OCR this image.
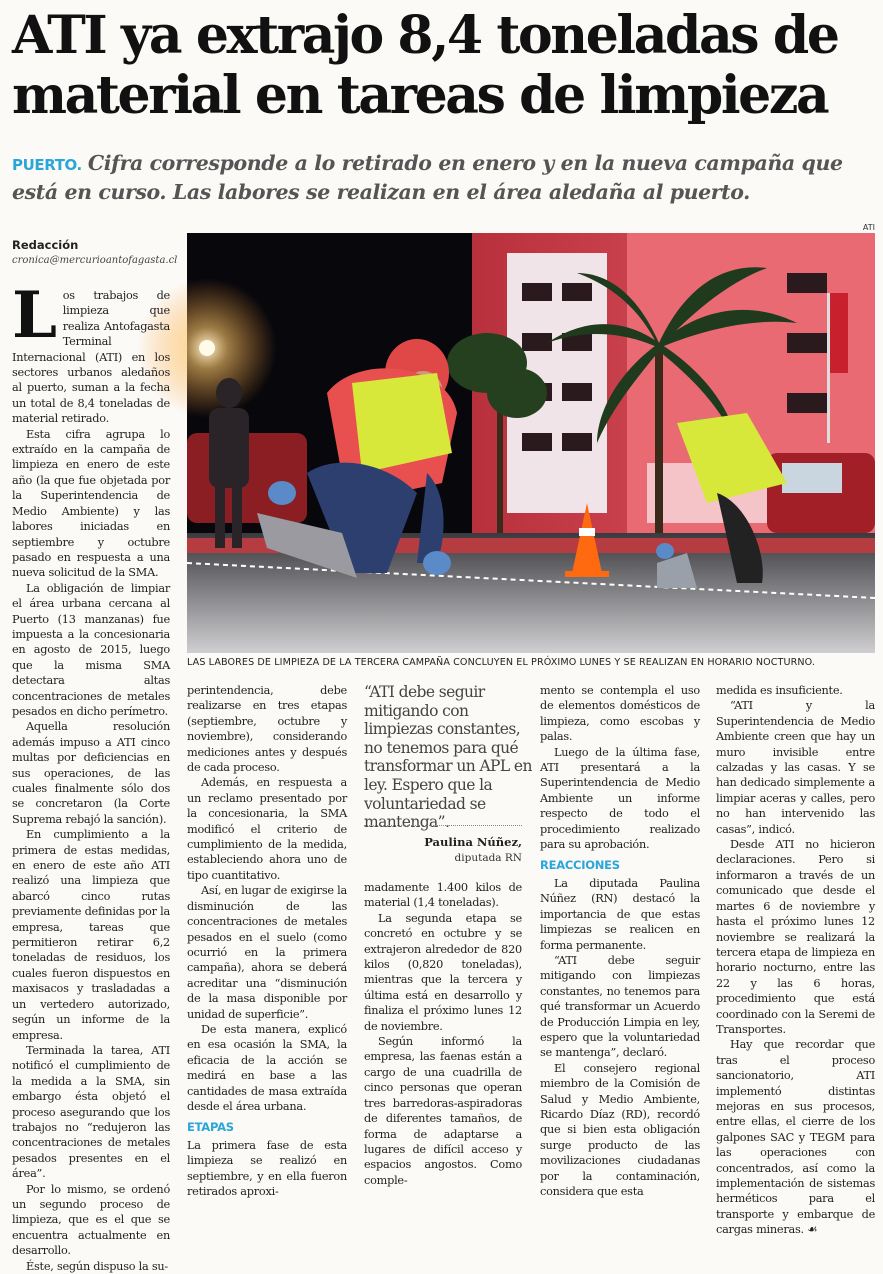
ATI ya extrajo 8,4 toneladas de material en tareas de limpieza
PUERTO. Cifra corresponde a lo retirado en enero y en la nueva campaña que está en curso. Las labores se realizan en el área aledaña al puerto.
Redacción
cronica@mercurioantofagasta.cl
ATI
LAS LABORES DE LIMPIEZA DE LA TERCERA CAMPAÑA CONCLUYEN EL PRÓXIMO LUNES Y SE REALIZAN EN HORARIO NOCTURNO.
L os trabajos de limpieza que realiza Antofagasta Terminal Internacional (ATI) en los sectores urbanos aledaños al puerto, suman a la fecha un total de 8,4 toneladas de material retirado.

Esta cifra agrupa lo extraído en la campaña de limpieza en enero de este año (la que fue objetada por la Superintendencia de Medio Ambiente) y las labores iniciadas en septiembre y octubre pasado en respuesta a una nueva solicitud de la SMA.

La obligación de limpiar el área urbana cercana al Puerto (13 manzanas) fue impuesta a la concesionaria en agosto de 2015, luego que la misma SMA detectara altas concentraciones de metales pesados en dicho perímetro.

Aquella resolución además impuso a ATI cinco multas por deficiencias en sus operaciones, de las cuales finalmente sólo dos se concretaron (la Corte Suprema rebajó la sanción).

En cumplimiento a la primera de estas medidas, en enero de este año ATI realizó una limpieza que abarcó cinco rutas previamente definidas por la empresa, tareas que permitieron retirar 6,2 toneladas de residuos, los cuales fueron dispuestos en maxisacos y trasladadas a un vertedero autorizado, según un informe de la empresa.

Terminada la tarea, ATI notificó el cumplimiento de la medida a la SMA, sin embargo ésta objetó el proceso asegurando que los trabajos no “redujeron las concentraciones de metales pesados presentes en el área”.

Por lo mismo, se ordenó un segundo proceso de limpieza, que es el que se encuentra actualmente en desarrollo.

Éste, según dispuso la su-

perintendencia, debe realizarse en tres etapas (septiembre, octubre y noviembre), considerando mediciones antes y después de cada proceso.

Además, en respuesta a un reclamo presentado por la concesionaria, la SMA modificó el criterio de cumplimiento de la medida, estableciendo ahora uno de tipo cuantitativo.

Así, en lugar de exigirse la disminución de las concentraciones de metales pesados en el suelo (como ocurrió en la primera campaña), ahora se deberá acreditar una “disminución de la masa disponible por unidad de superficie”.

De esta manera, explicó en esa ocasión la SMA, la eficacia de la acción se medirá en base a las cantidades de masa extraída desde el área urbana.

ETAPAS

La primera fase de esta limpieza se realizó en septiembre, y en ella fueron retirados aproxi-

“ATI debe seguir mitigando con limpiezas constantes, no tenemos para qué transformar un APL en ley. Espero que la voluntariedad se mantenga”.
Paulina Núñez,
diputada RN

madamente 1.400 kilos de material (1,4 toneladas).

La segunda etapa se concretó en octubre y se extrajeron alrededor de 820 kilos (0,820 toneladas), mientras que la tercera y última está en desarrollo y finaliza el próximo lunes 12 de noviembre.

Según informó la empresa, las faenas están a cargo de una cuadrilla de cinco personas que operan tres barredoras-aspiradoras de diferentes tamaños, de forma de adaptarse a lugares de difícil acceso y espacios angostos. Como comple-

mento se contempla el uso de elementos domésticos de limpieza, como escobas y palas.

Luego de la última fase, ATI presentará a la Superintendencia de Medio Ambiente un informe respecto de todo el procedimiento realizado para su aprobación.

REACCIONES

La diputada Paulina Núñez (RN) destacó la importancia de que estas limpiezas se realicen en forma permanente.

“ATI debe seguir mitigando con limpiezas constantes, no tenemos para qué transformar un Acuerdo de Producción Limpia en ley, espero que la voluntariedad se mantenga”, declaró.

El consejero regional miembro de la Comisión de Salud y Medio Ambiente, Ricardo Díaz (RD), recordó que si bien esta obligación surge producto de las movilizaciones ciudadanas por la contaminación, considera que esta

medida es insuficiente.

“ATI y la Superintendencia de Medio Ambiente creen que hay un muro invisible entre calzadas y las casas. Y se han dedicado simplemente a limpiar aceras y calles, pero no han intervenido las casas”, indicó.

Desde ATI no hicieron declaraciones. Pero si informaron a través de un comunicado que desde el martes 6 de noviembre y hasta el próximo lunes 12 noviembre se realizará la tercera etapa de limpieza en horario nocturno, entre las 22 y las 6 horas, procedimiento que está coordinado con la Seremi de Transportes.

Hay que recordar que tras el proceso sancionatorio, ATI implementó distintas mejoras en sus procesos, entre ellas, el cierre de los galpones SAC y TEGM para las operaciones con concentrados, así como la implementación de sistemas herméticos para el transporte y embarque de cargas mineras. ☙
